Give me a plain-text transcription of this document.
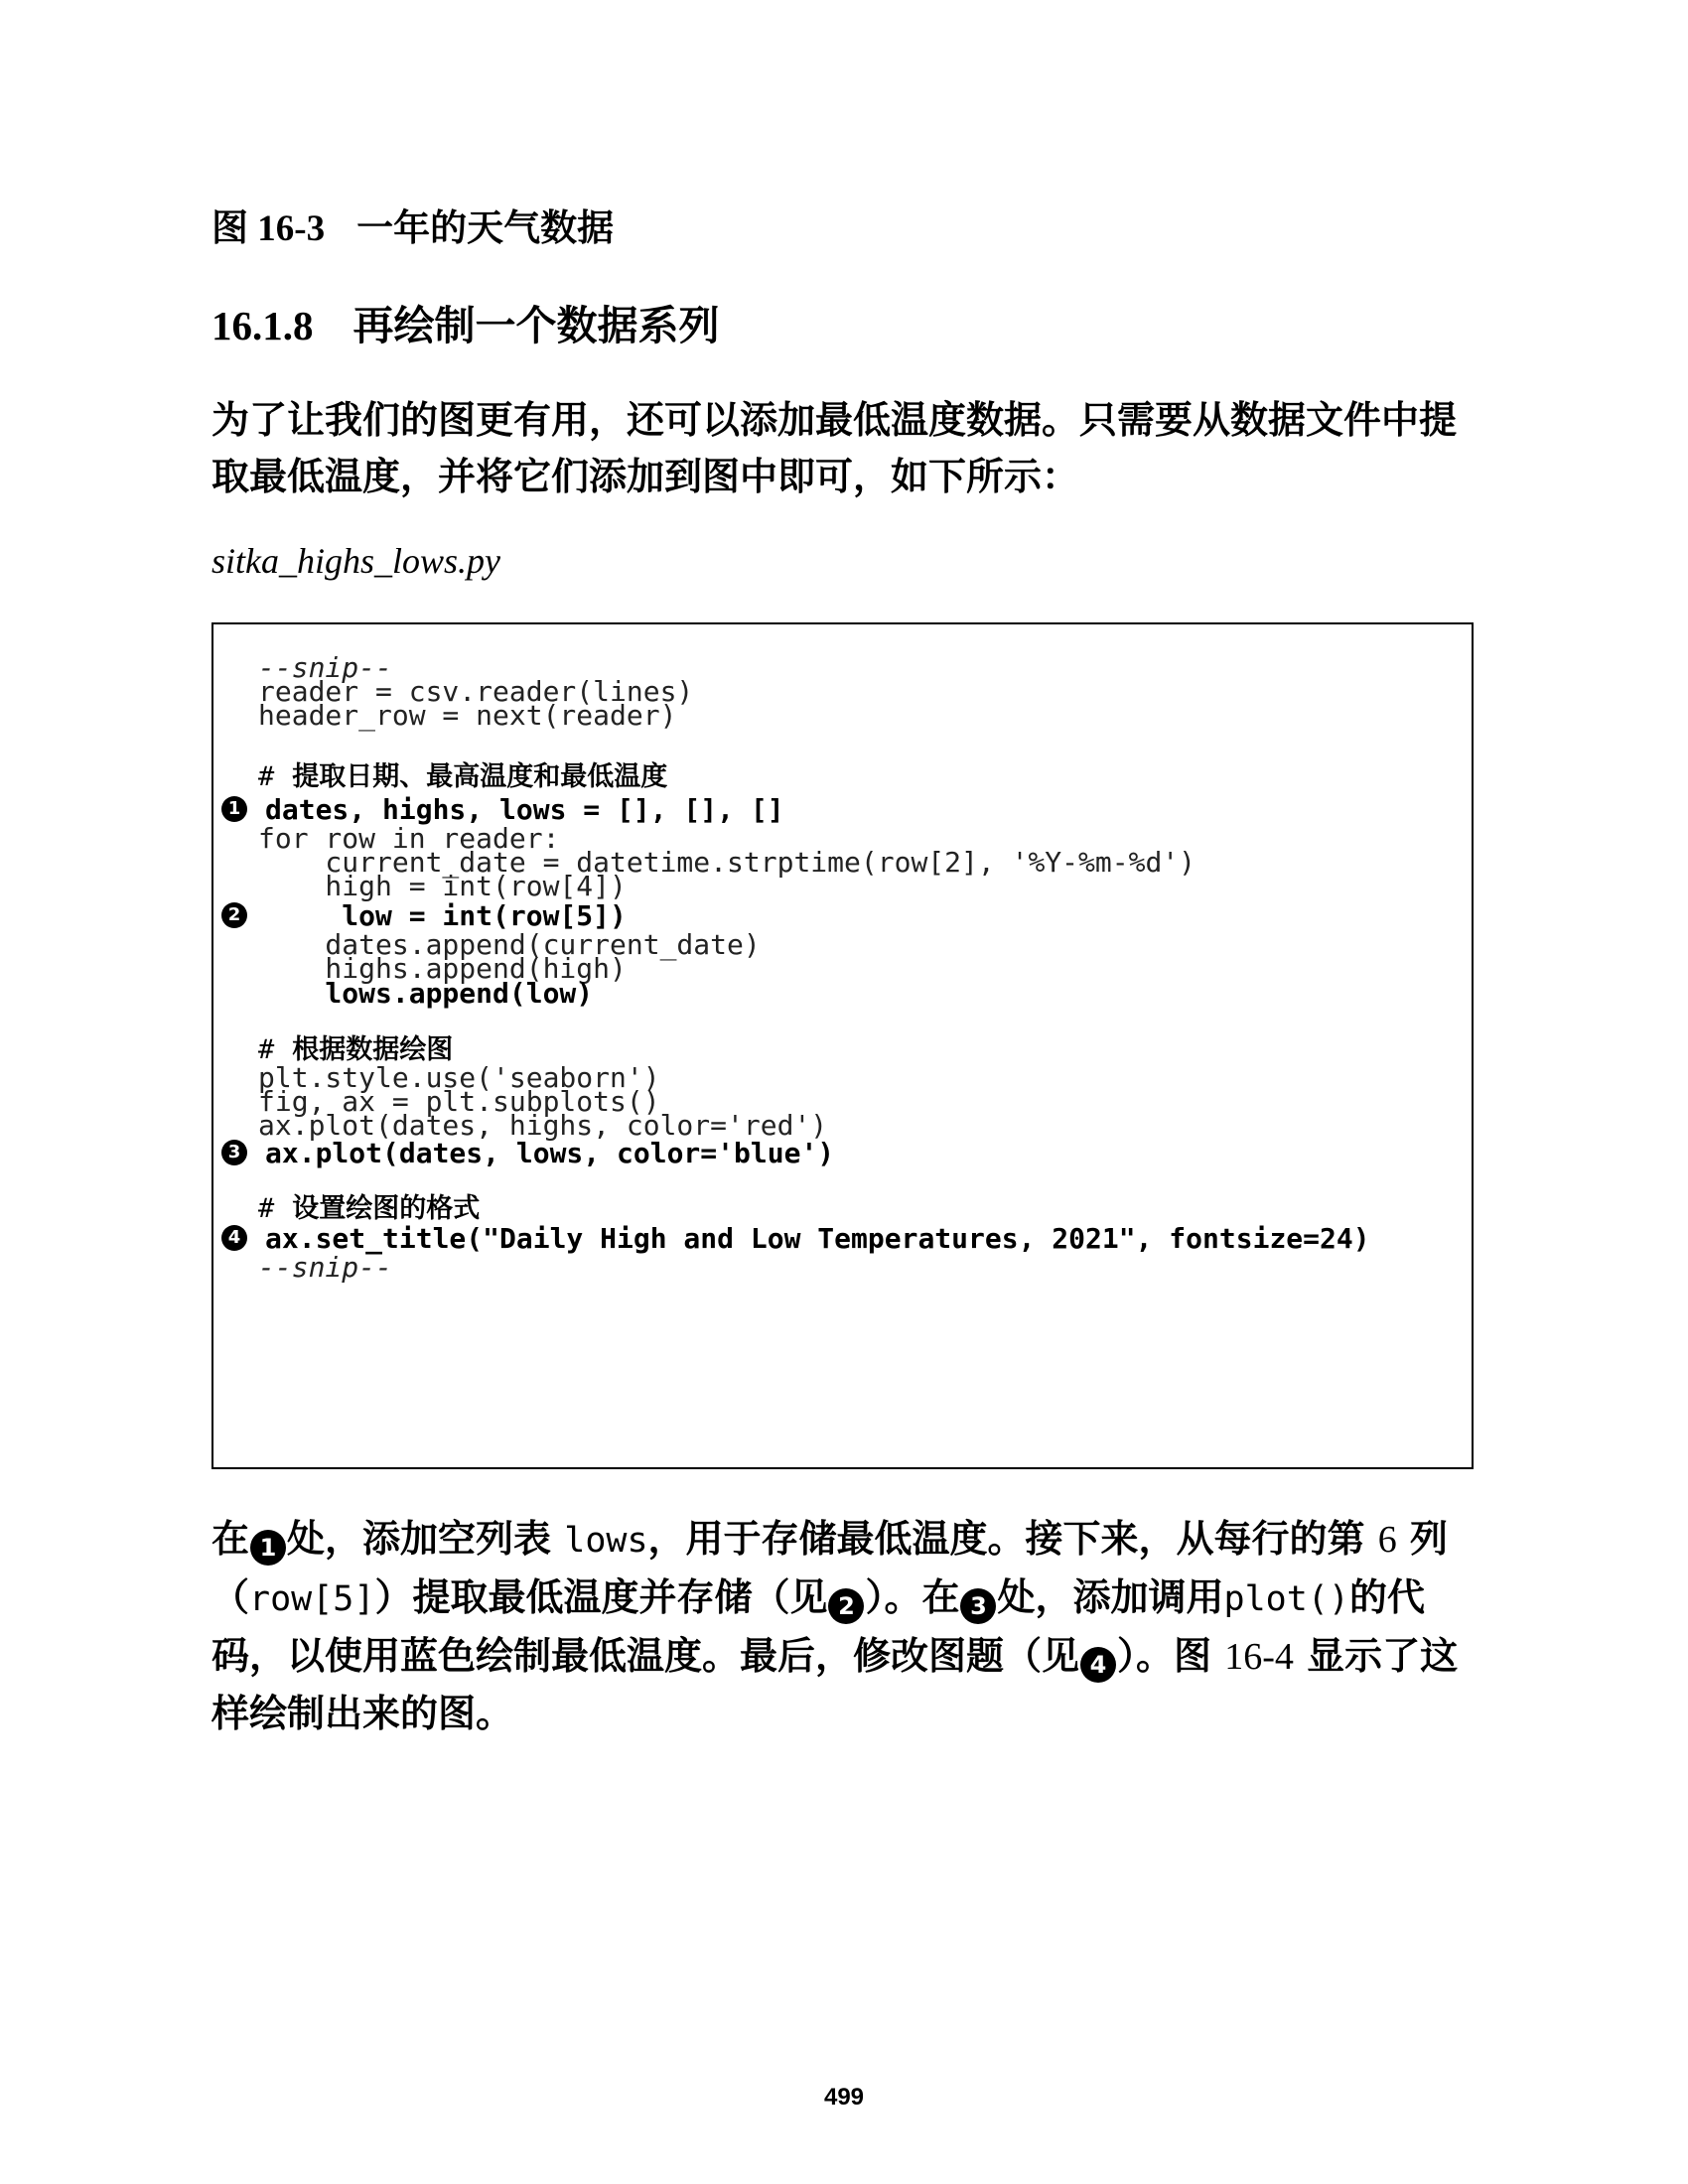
图 16-3 一年的天气数据
16.1.8 再绘制一个数据系列
为了让我们的图更有用，还可以添加最低温度数据。只需要从数据文件中提取最低温度，并将它们添加到图中即可，如下所示：
sitka_highs_lows.py
--snip--
reader = csv.reader(lines)
header_row = next(reader)
# 提取日期、最高温度和最低温度
1 dates, highs, lows = [], [], []
for row in reader:
current_date = datetime.strptime(row[2], '%Y-%m-%d')
high = int(row[4])
2 low = int(row[5])
dates.append(current_date)
highs.append(high)
lows.append(low)
# 根据数据绘图
plt.style.use('seaborn')
fig, ax = plt.subplots()
ax.plot(dates, highs, color='red')
3 ax.plot(dates, lows, color='blue')
# 设置绘图的格式
4 ax.set_title("Daily High and Low Temperatures, 2021", fontsize=24)
--snip--
在 1 处，添加空列表 lows，用于存储最低温度。接下来，从每行的第 6 列（row[5]）提取最低温度并存储（见 2 ）。在 3 处，添加调用plot()的代码，以使用蓝色绘制最低温度。最后，修改图题（见 4 ）。图 16-4 显示了这样绘制出来的图。
499
